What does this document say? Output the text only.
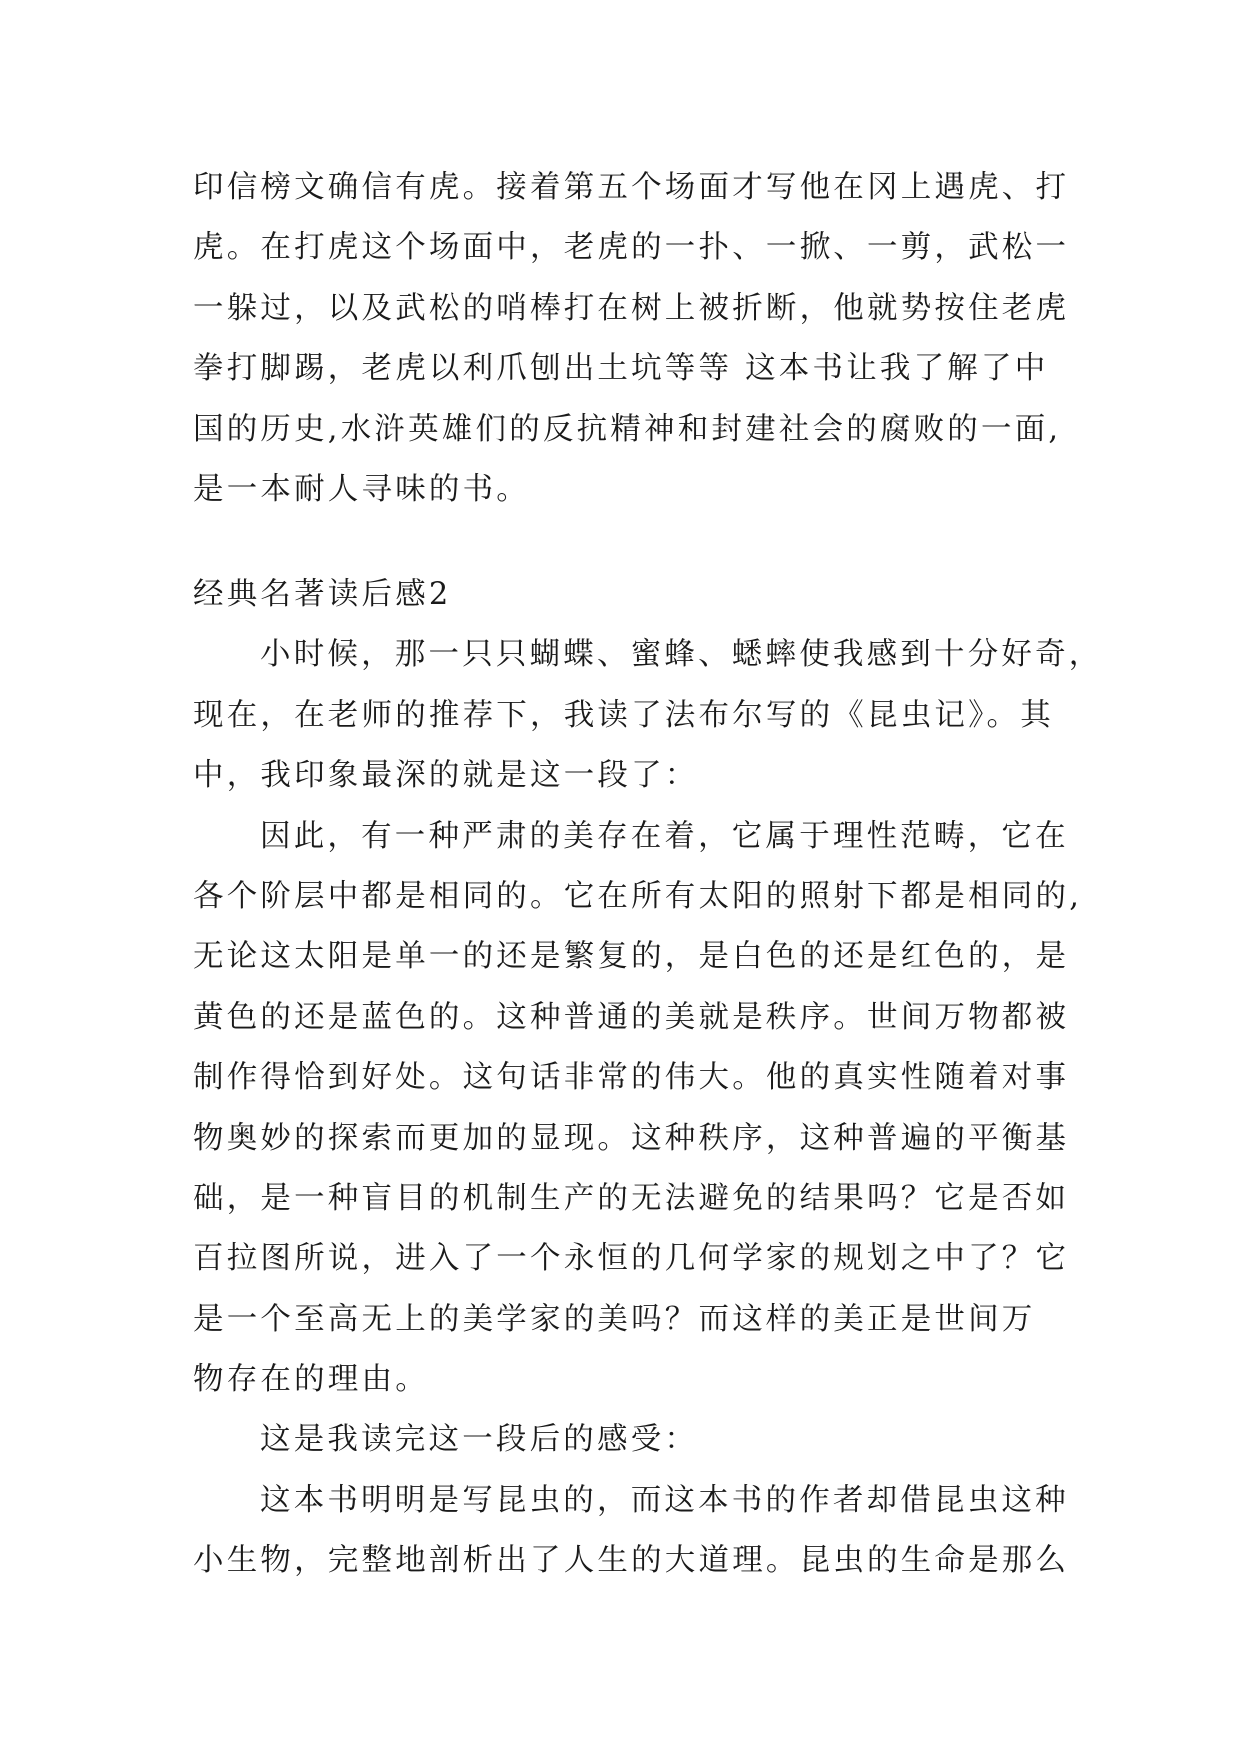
印信榜文确信有虎。接着第五个场面才写他在冈上遇虎、打
虎。在打虎这个场面中，老虎的一扑、一掀、一剪，武松一
一躲过，以及武松的哨棒打在树上被折断，他就势按住老虎
拳打脚踢，老虎以利爪刨出土坑等等 这本书让我了解了中
国的历史,水浒英雄们的反抗精神和封建社会的腐败的一面,
是一本耐人寻味的书。
经典名著读后感2
小时候，那一只只蝴蝶、蜜蜂、蟋蟀使我感到十分好奇，
现在，在老师的推荐下，我读了法布尔写的《昆虫记》。其
中，我印象最深的就是这一段了：
因此，有一种严肃的美存在着，它属于理性范畴，它在
各个阶层中都是相同的。它在所有太阳的照射下都是相同的,
无论这太阳是单一的还是繁复的，是白色的还是红色的，是
黄色的还是蓝色的。这种普通的美就是秩序。世间万物都被
制作得恰到好处。这句话非常的伟大。他的真实性随着对事
物奥妙的探索而更加的显现。这种秩序，这种普遍的平衡基
础，是一种盲目的机制生产的无法避免的结果吗？它是否如
百拉图所说，进入了一个永恒的几何学家的规划之中了？它
是一个至高无上的美学家的美吗？而这样的美正是世间万
物存在的理由。
这是我读完这一段后的感受：
这本书明明是写昆虫的，而这本书的作者却借昆虫这种
小生物，完整地剖析出了人生的大道理。昆虫的生命是那么
